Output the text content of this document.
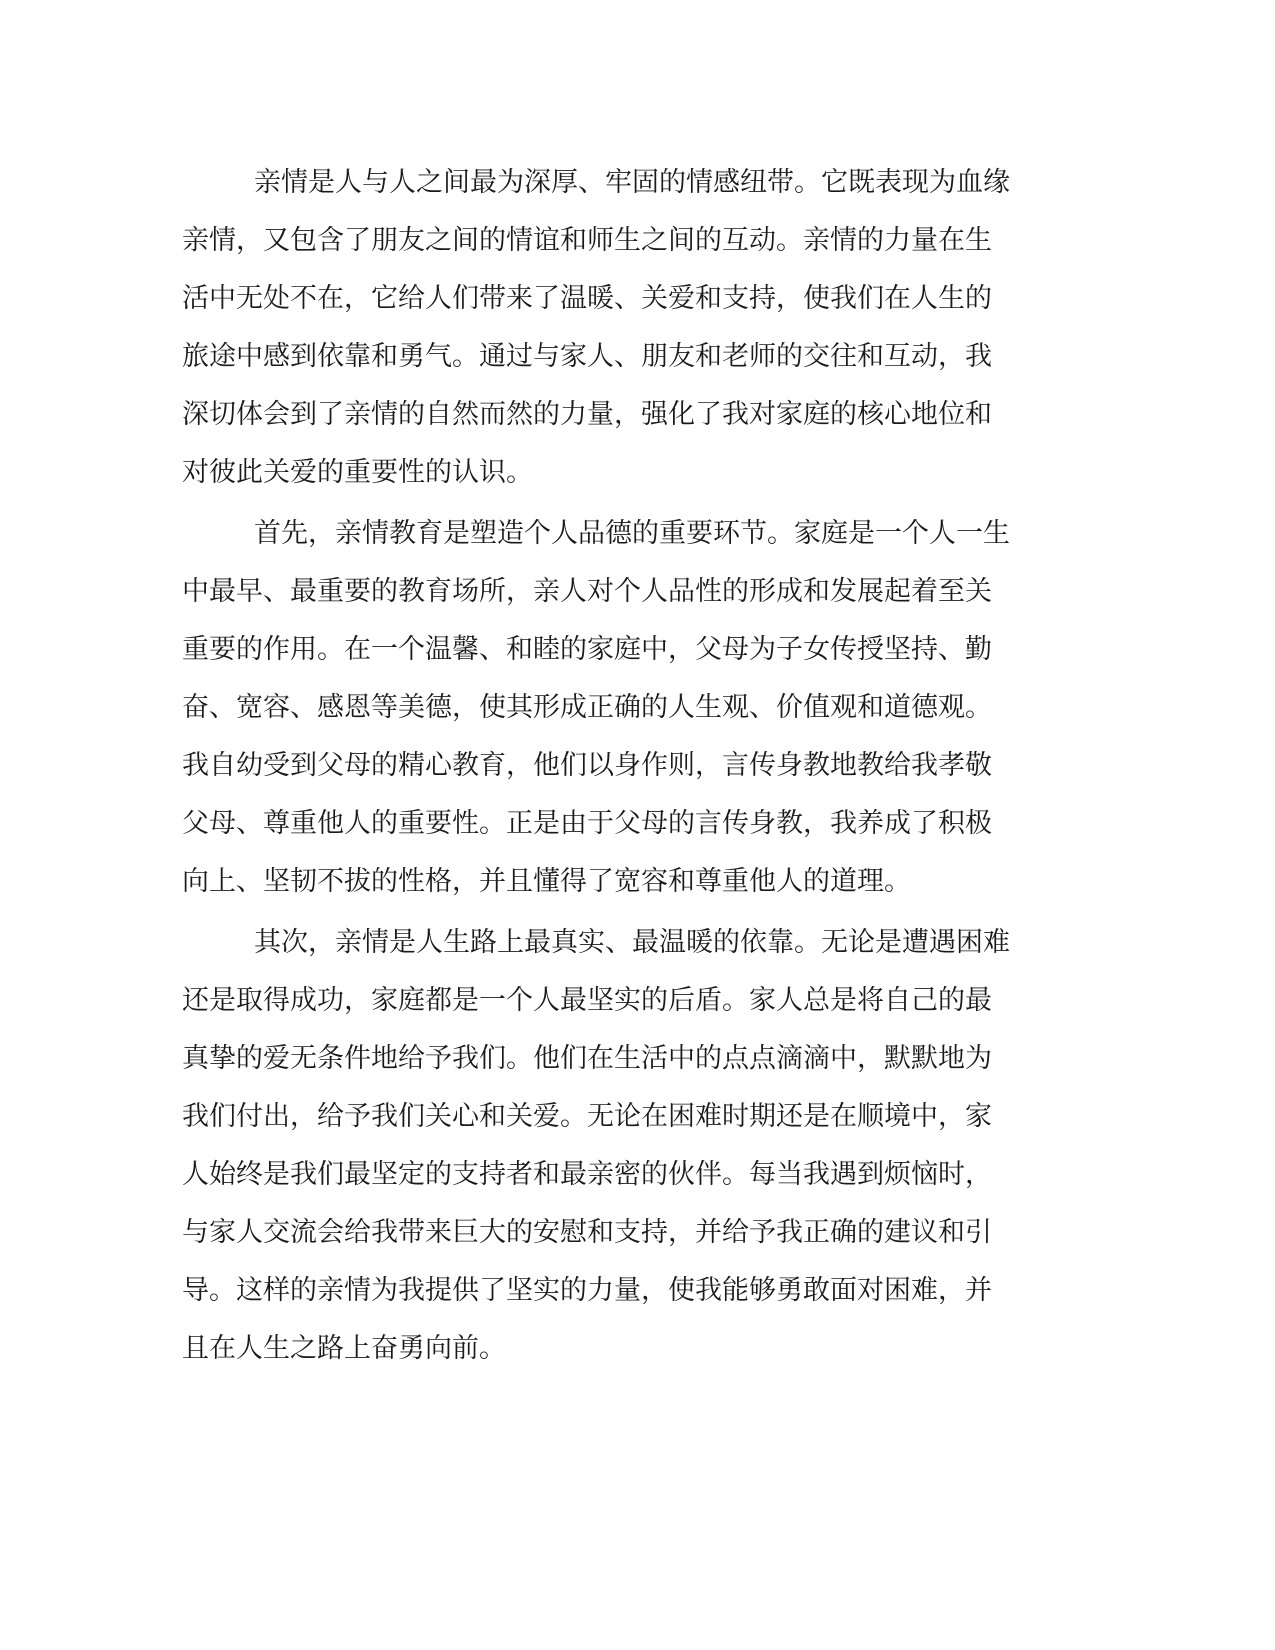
亲情是人与人之间最为深厚、牢固的情感纽带。它既表现为血缘
亲情，又包含了朋友之间的情谊和师生之间的互动。亲情的力量在生
活中无处不在，它给人们带来了温暖、关爱和支持，使我们在人生的
旅途中感到依靠和勇气。通过与家人、朋友和老师的交往和互动，我
深切体会到了亲情的自然而然的力量，强化了我对家庭的核心地位和
对彼此关爱的重要性的认识。
首先，亲情教育是塑造个人品德的重要环节。家庭是一个人一生
中最早、最重要的教育场所，亲人对个人品性的形成和发展起着至关
重要的作用。在一个温馨、和睦的家庭中，父母为子女传授坚持、勤
奋、宽容、感恩等美德，使其形成正确的人生观、价值观和道德观。
我自幼受到父母的精心教育，他们以身作则，言传身教地教给我孝敬
父母、尊重他人的重要性。正是由于父母的言传身教，我养成了积极
向上、坚韧不拔的性格，并且懂得了宽容和尊重他人的道理。
其次，亲情是人生路上最真实、最温暖的依靠。无论是遭遇困难
还是取得成功，家庭都是一个人最坚实的后盾。家人总是将自己的最
真挚的爱无条件地给予我们。他们在生活中的点点滴滴中，默默地为
我们付出，给予我们关心和关爱。无论在困难时期还是在顺境中，家
人始终是我们最坚定的支持者和最亲密的伙伴。每当我遇到烦恼时，
与家人交流会给我带来巨大的安慰和支持，并给予我正确的建议和引
导。这样的亲情为我提供了坚实的力量，使我能够勇敢面对困难，并
且在人生之路上奋勇向前。
